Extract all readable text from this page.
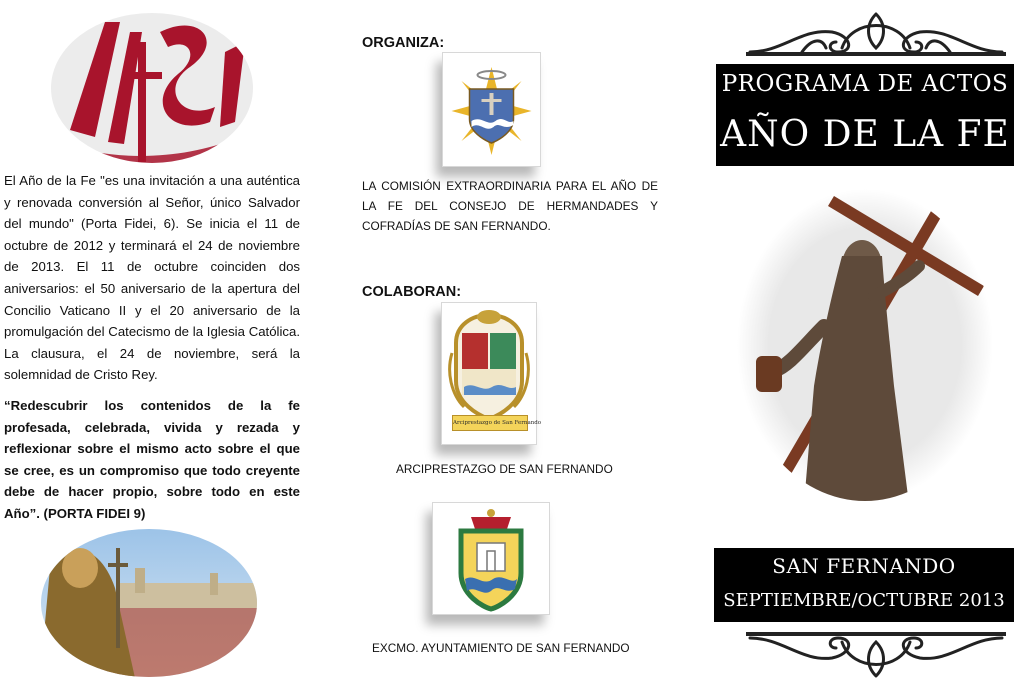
El Año de la Fe "es una invitación a una auténtica y renovada conversión al Señor, único Salvador del mundo" (Porta Fidei, 6). Se inicia el 11 de octubre de 2012 y terminará el 24 de noviembre de 2013. El 11 de octubre coinciden dos aniversarios: el 50 aniversario de la apertura del Concilio Vaticano II y el 20 aniversario de la promulgación del Catecismo de la Iglesia Católica. La clausura, el 24 de noviembre, será la solemnidad de Cristo Rey.
“Redescubrir los contenidos de la fe profesada, celebrada, vivida y rezada y reflexionar sobre el mismo acto sobre el que se cree, es un compromiso que todo creyente debe de hacer propio, sobre todo en este Año”. (PORTA FIDEI 9)
ORGANIZA:
LA COMISIÓN EXTRAORDINARIA PARA EL AÑO DE LA FE DEL CONSEJO DE HERMANDADES Y COFRADÍAS DE SAN FERNANDO.
COLABORAN:
Arciprestazgo de San Fernando
ARCIPRESTAZGO DE SAN FERNANDO
EXCMO. AYUNTAMIENTO DE SAN FERNANDO
PROGRAMA DE ACTOS
AÑO DE LA FE
SAN FERNANDO
SEPTIEMBRE/OCTUBRE 2013
